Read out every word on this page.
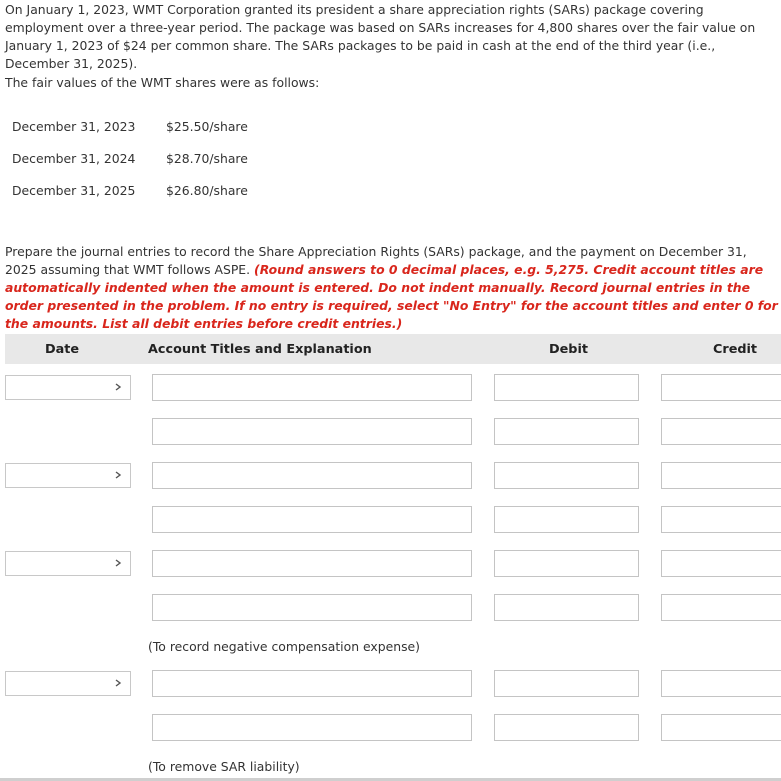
On January 1, 2023, WMT Corporation granted its president a share appreciation rights (SARs) package covering employment over a three-year period. The package was based on SARs increases for 4,800 shares over the fair value on January 1, 2023 of $24 per common share. The SARs packages to be paid in cash at the end of the third year (i.e., December 31, 2025).
The fair values of the WMT shares were as follows:
December 31, 2023 $25.50/share
December 31, 2024 $28.70/share
December 31, 2025 $26.80/share
Prepare the journal entries to record the Share Appreciation Rights (SARs) package, and the payment on December 31, 2025 assuming that WMT follows ASPE. (Round answers to 0 decimal places, e.g. 5,275. Credit account titles are automatically indented when the amount is entered. Do not indent manually. Record journal entries in the order presented in the problem. If no entry is required, select "No Entry" for the account titles and enter 0 for the amounts. List all debit entries before credit entries.)
Date	Account Titles and Explanation	Debit	Credit
(To record negative compensation expense)
(To remove SAR liability)
